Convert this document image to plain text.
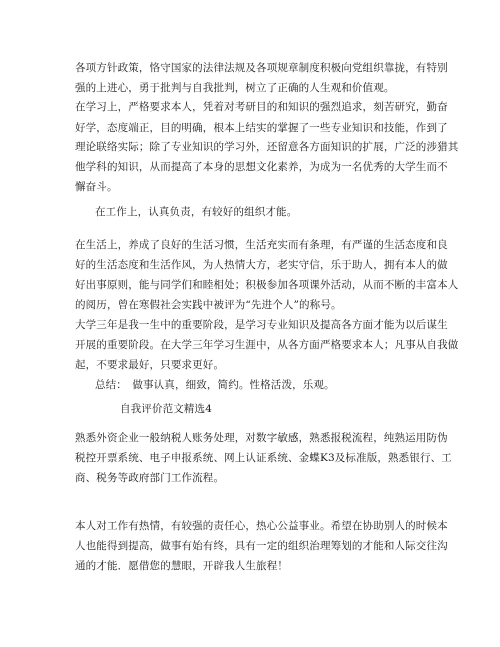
各项方针政策，恪守国家的法律法规及各项规章制度积极向党组织靠拢，有特别
强的上进心，勇于批判与自我批判，树立了正确的人生观和价值观。
在学习上，严格要求本人，凭着对考研目的和知识的强烈追求，刻苦研究，勤奋
好学，态度端正，目的明确，根本上结实的掌握了一些专业知识和技能，作到了
理论联络实际；除了专业知识的学习外，还留意各方面知识的扩展，广泛的涉猎其
他学科的知识，从而提高了本身的思想文化素养，为成为一名优秀的大学生而不
懈奋斗。
在工作上，认真负责，有较好的组织才能。
在生活上，养成了良好的生活习惯，生活充实而有条理，有严谨的生活态度和良
好的生活态度和生活作风，为人热情大方，老实守信，乐于助人，拥有本人的做
好出事原则，能与同学们和睦相处；积极参加各项课外活动，从而不断的丰富本人
的阅历，曾在寒假社会实践中被评为“先进个人”的称号。
大学三年是我一生中的重要阶段，是学习专业知识及提高各方面才能为以后谋生
开展的重要阶段。在大学三年学习生涯中，从各方面严格要求本人；凡事从自我做
起，不要求最好，只要求更好。
总结：　做事认真，细致，简约。性格活泼，乐观。
自我评价范文精选4
熟悉外资企业一般纳税人账务处理，对数字敏感，熟悉报税流程，纯熟运用防伪
税控开票系统、电子申报系统、网上认证系统、金蝶K3及标准版，熟悉银行、工
商、税务等政府部门工作流程。
本人对工作有热情，有较强的责任心，热心公益事业。希望在协助别人的时候本
人也能得到提高，做事有始有终，具有一定的组织治理筹划的才能和人际交往沟
通的才能．愿借您的慧眼，开辟我人生旅程！
